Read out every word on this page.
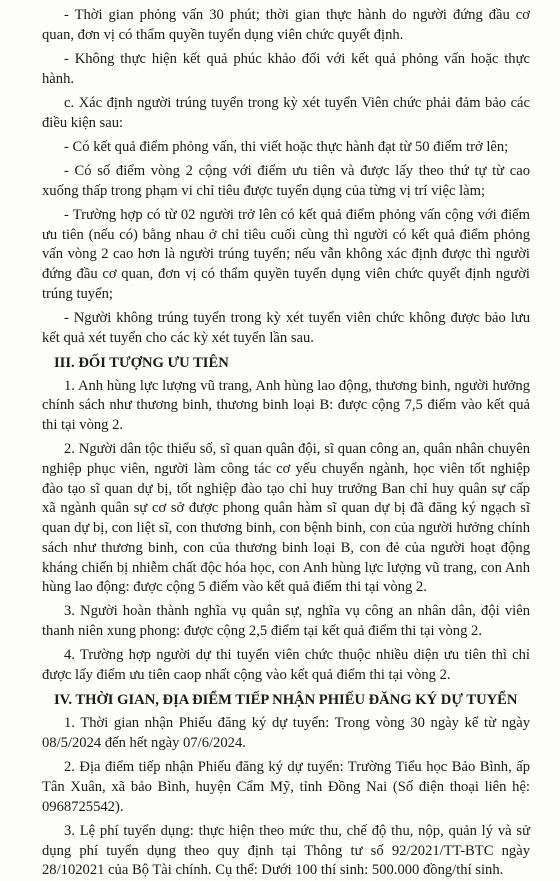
- Thời gian phỏng vấn 30 phút; thời gian thực hành do người đứng đầu cơ quan, đơn vị có thẩm quyền tuyển dụng viên chức quyết định.

- Không thực hiện kết quả phúc khảo đối với kết quả phỏng vấn hoặc thực hành.

c. Xác định người trúng tuyển trong kỳ xét tuyển Viên chức phải đảm bảo các điều kiện sau:

- Có kết quả điểm phỏng vấn, thi viết hoặc thực hành đạt từ 50 điểm trở lên;

- Có số điểm vòng 2 cộng với điểm ưu tiên và được lấy theo thứ tự từ cao xuống thấp trong phạm vi chỉ tiêu được tuyển dụng của từng vị trí việc làm;

- Trường hợp có từ 02 người trở lên có kết quả điểm phỏng vấn cộng với điểm ưu tiên (nếu có) bằng nhau ở chỉ tiêu cuối cùng thì người có kết quả điểm phỏng vấn vòng 2 cao hơn là người trúng tuyển; nếu vẫn không xác định được thì người đứng đầu cơ quan, đơn vị có thẩm quyền tuyển dụng viên chức quyết định người trúng tuyển;

- Người không trúng tuyển trong kỳ xét tuyển viên chức không được bảo lưu kết quả xét tuyển cho các kỳ xét tuyển lần sau.

III. ĐỐI TƯỢNG ƯU TIÊN

1. Anh hùng lực lượng vũ trang, Anh hùng lao động, thương binh, người hưởng chính sách như thương binh, thương binh loại B: được cộng 7,5 điểm vào kết quả thi tại vòng 2.

2. Người dân tộc thiểu số, sĩ quan quân đội, sĩ quan công an, quân nhân chuyên nghiệp phục viên, người làm công tác cơ yếu chuyển ngành, học viên tốt nghiệp đào tạo sĩ quan dự bị, tốt nghiệp đào tạo chỉ huy trưởng Ban chỉ huy quân sự cấp xã ngành quân sự cơ sở được phong quân hàm sĩ quan dự bị đã đăng ký ngạch sĩ quan dự bị, con liệt sĩ, con thương binh, con bệnh binh, con của người hưởng chính sách như thương binh, con của thương binh loại B, con đẻ của người hoạt động kháng chiến bị nhiễm chất độc hóa học, con Anh hùng lực lượng vũ trang, con Anh hùng lao động: được cộng 5 điểm vào kết quả điểm thi tại vòng 2.

3. Người hoàn thành nghĩa vụ quân sự, nghĩa vụ công an nhân dân, đội viên thanh niên xung phong: được cộng 2,5 điểm tại kết quả điểm thi tại vòng 2.

4. Trường hợp người dự thi tuyển viên chức thuộc nhiều diện ưu tiên thì chỉ được lấy điểm ưu tiên caop nhất cộng vào kết quả điểm thi tại vòng 2.

IV. THỜI GIAN, ĐỊA ĐIỂM TIẾP NHẬN PHIẾU ĐĂNG KÝ DỰ TUYỂN

1. Thời gian nhận Phiếu đăng ký dự tuyển: Trong vòng 30 ngày kể từ ngày 08/5/2024 đến hết ngày 07/6/2024.

2. Địa điểm tiếp nhận Phiếu đăng ký dự tuyển: Trường Tiểu học Bảo Bình, ấp Tân Xuân, xã bảo Bình, huyện Cẩm Mỹ, tỉnh Đồng Nai (Số điện thoại liên hệ: 0968725542).

3. Lệ phí tuyển dụng: thực hiện theo mức thu, chế độ thu, nộp, quản lý và sử dụng phí tuyển dụng theo quy định tại Thông tư số 92/2021/TT-BTC ngày 28/102021 của Bộ Tài chính. Cụ thể: Dưới 100 thí sinh: 500.000 đồng/thí sinh.
